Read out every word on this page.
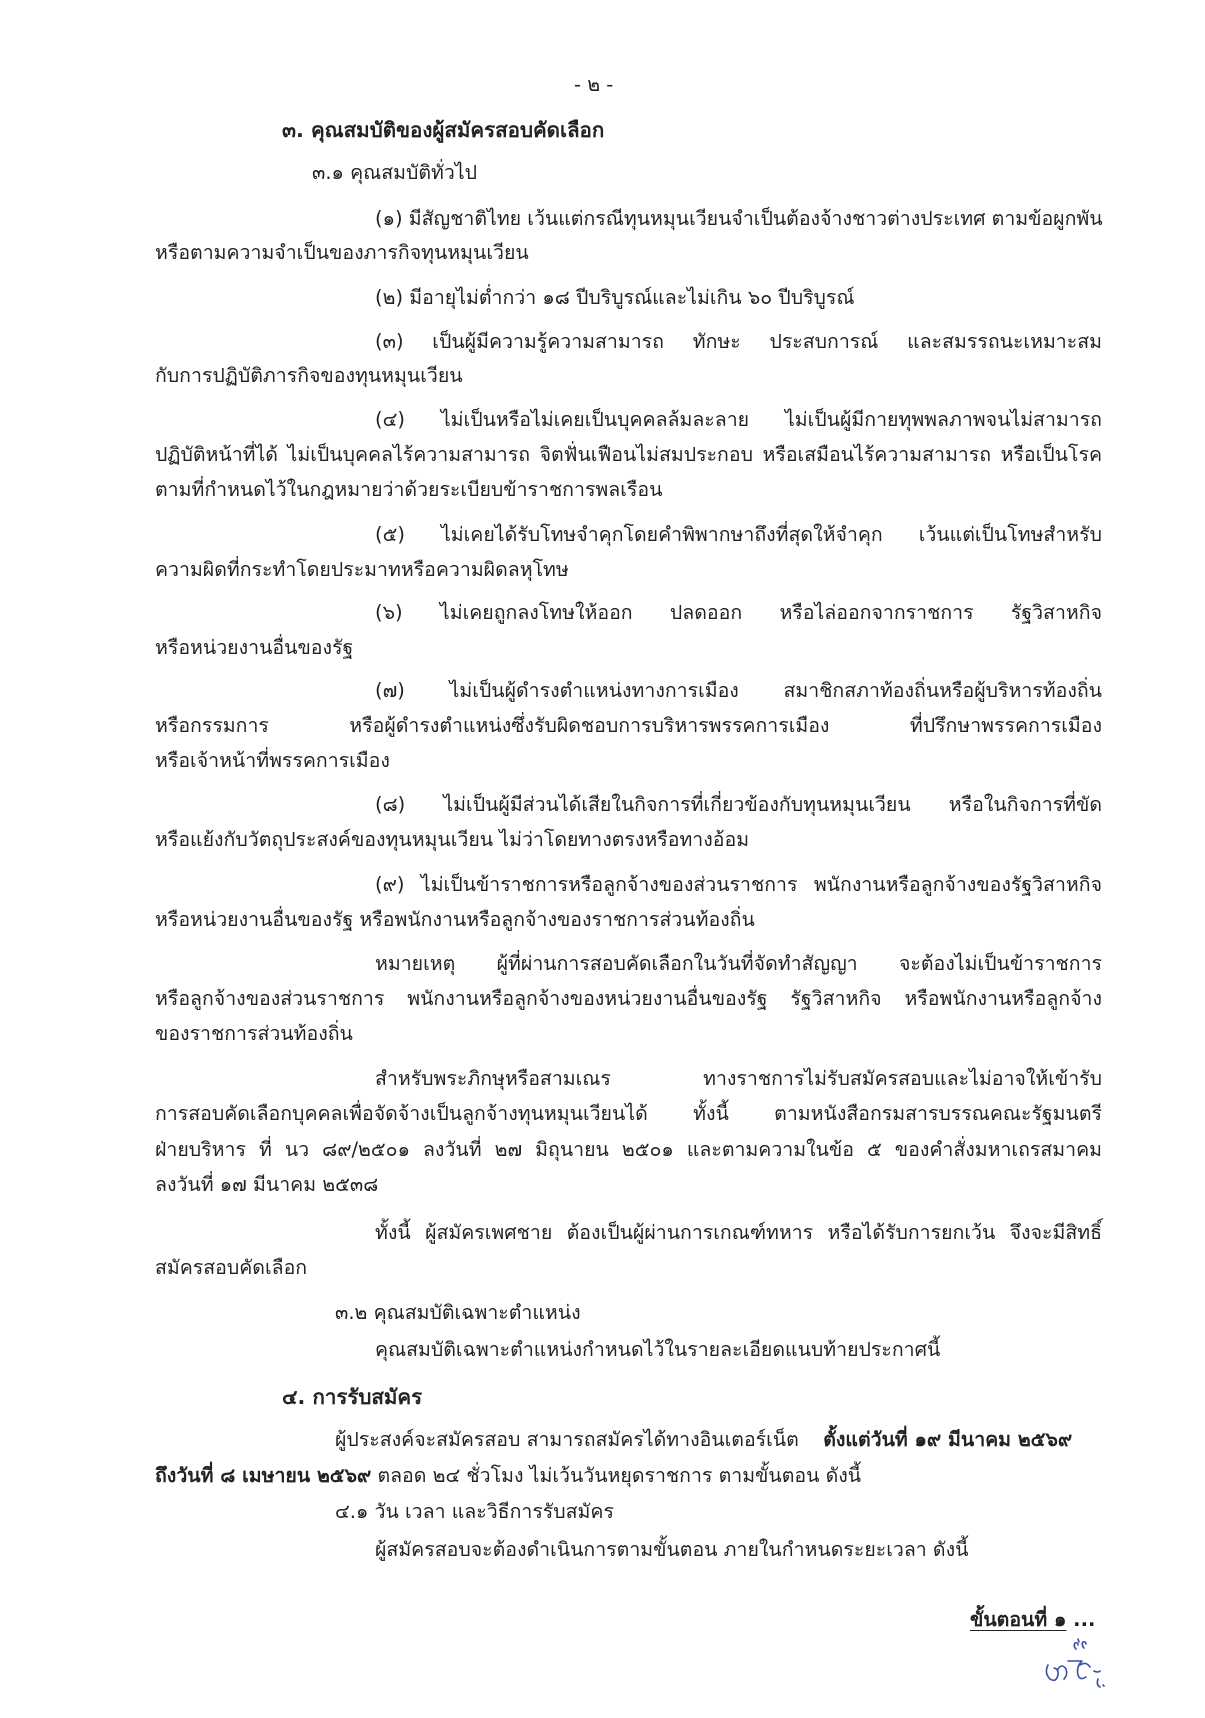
- ๒ -
๓. คุณสมบัติของผู้สมัครสอบคัดเลือก
๓.๑ คุณสมบัติทั่วไป
(๑) มีสัญชาติไทย เว้นแต่กรณีทุนหมุนเวียนจำเป็นต้องจ้างชาวต่างประเทศ ตามข้อผูกพัน
หรือตามความจำเป็นของภารกิจทุนหมุนเวียน
(๒) มีอายุไม่ต่ำกว่า ๑๘ ปีบริบูรณ์และไม่เกิน ๖๐ ปีบริบูรณ์
(๓) เป็นผู้มีความรู้ความสามารถ ทักษะ ประสบการณ์ และสมรรถนะเหมาะสม
กับการปฏิบัติภารกิจของทุนหมุนเวียน
(๔) ไม่เป็นหรือไม่เคยเป็นบุคคลล้มละลาย ไม่เป็นผู้มีกายทุพพลภาพจนไม่สามารถ
ปฏิบัติหน้าที่ได้ ไม่เป็นบุคคลไร้ความสามารถ จิตฟั่นเฟือนไม่สมประกอบ หรือเสมือนไร้ความสามารถ หรือเป็นโรค
ตามที่กำหนดไว้ในกฎหมายว่าด้วยระเบียบข้าราชการพลเรือน
(๕) ไม่เคยได้รับโทษจำคุกโดยคำพิพากษาถึงที่สุดให้จำคุก เว้นแต่เป็นโทษสำหรับ
ความผิดที่กระทำโดยประมาทหรือความผิดลหุโทษ
(๖) ไม่เคยถูกลงโทษให้ออก ปลดออก หรือไล่ออกจากราชการ รัฐวิสาหกิจ
หรือหน่วยงานอื่นของรัฐ
(๗) ไม่เป็นผู้ดำรงตำแหน่งทางการเมือง สมาชิกสภาท้องถิ่นหรือผู้บริหารท้องถิ่น
หรือกรรมการ หรือผู้ดำรงตำแหน่งซึ่งรับผิดชอบการบริหารพรรคการเมือง ที่ปรึกษาพรรคการเมือง
หรือเจ้าหน้าที่พรรคการเมือง
(๘) ไม่เป็นผู้มีส่วนได้เสียในกิจการที่เกี่ยวข้องกับทุนหมุนเวียน หรือในกิจการที่ขัด
หรือแย้งกับวัตถุประสงค์ของทุนหมุนเวียน ไม่ว่าโดยทางตรงหรือทางอ้อม
(๙) ไม่เป็นข้าราชการหรือลูกจ้างของส่วนราชการ พนักงานหรือลูกจ้างของรัฐวิสาหกิจ
หรือหน่วยงานอื่นของรัฐ หรือพนักงานหรือลูกจ้างของราชการส่วนท้องถิ่น
หมายเหตุ ผู้ที่ผ่านการสอบคัดเลือกในวันที่จัดทำสัญญา จะต้องไม่เป็นข้าราชการ
หรือลูกจ้างของส่วนราชการ พนักงานหรือลูกจ้างของหน่วยงานอื่นของรัฐ รัฐวิสาหกิจ หรือพนักงานหรือลูกจ้าง
ของราชการส่วนท้องถิ่น
สำหรับพระภิกษุหรือสามเณร ทางราชการไม่รับสมัครสอบและไม่อาจให้เข้ารับ
การสอบคัดเลือกบุคคลเพื่อจัดจ้างเป็นลูกจ้างทุนหมุนเวียนได้ ทั้งนี้ ตามหนังสือกรมสารบรรณคณะรัฐมนตรี
ฝ่ายบริหาร ที่ นว ๘๙/๒๕๐๑ ลงวันที่ ๒๗ มิถุนายน ๒๕๐๑ และตามความในข้อ ๕ ของคำสั่งมหาเถรสมาคม
ลงวันที่ ๑๗ มีนาคม ๒๕๓๘
ทั้งนี้ ผู้สมัครเพศชาย ต้องเป็นผู้ผ่านการเกณฑ์ทหาร หรือได้รับการยกเว้น จึงจะมีสิทธิ์
สมัครสอบคัดเลือก
๓.๒ คุณสมบัติเฉพาะตำแหน่ง
คุณสมบัติเฉพาะตำแหน่งกำหนดไว้ในรายละเอียดแนบท้ายประกาศนี้
๔. การรับสมัคร
ผู้ประสงค์จะสมัครสอบ สามารถสมัครได้ทางอินเตอร์เน็ต ตั้งแต่วันที่ ๑๙ มีนาคม ๒๕๖๙
ถึงวันที่ ๘ เมษายน ๒๕๖๙ ตลอด ๒๔ ชั่วโมง ไม่เว้นวันหยุดราชการ ตามขั้นตอน ดังนี้
๔.๑ วัน เวลา และวิธีการรับสมัคร
ผู้สมัครสอบจะต้องดำเนินการตามขั้นตอน ภายในกำหนดระยะเวลา ดังนี้
ขั้นตอนที่ ๑ ...
